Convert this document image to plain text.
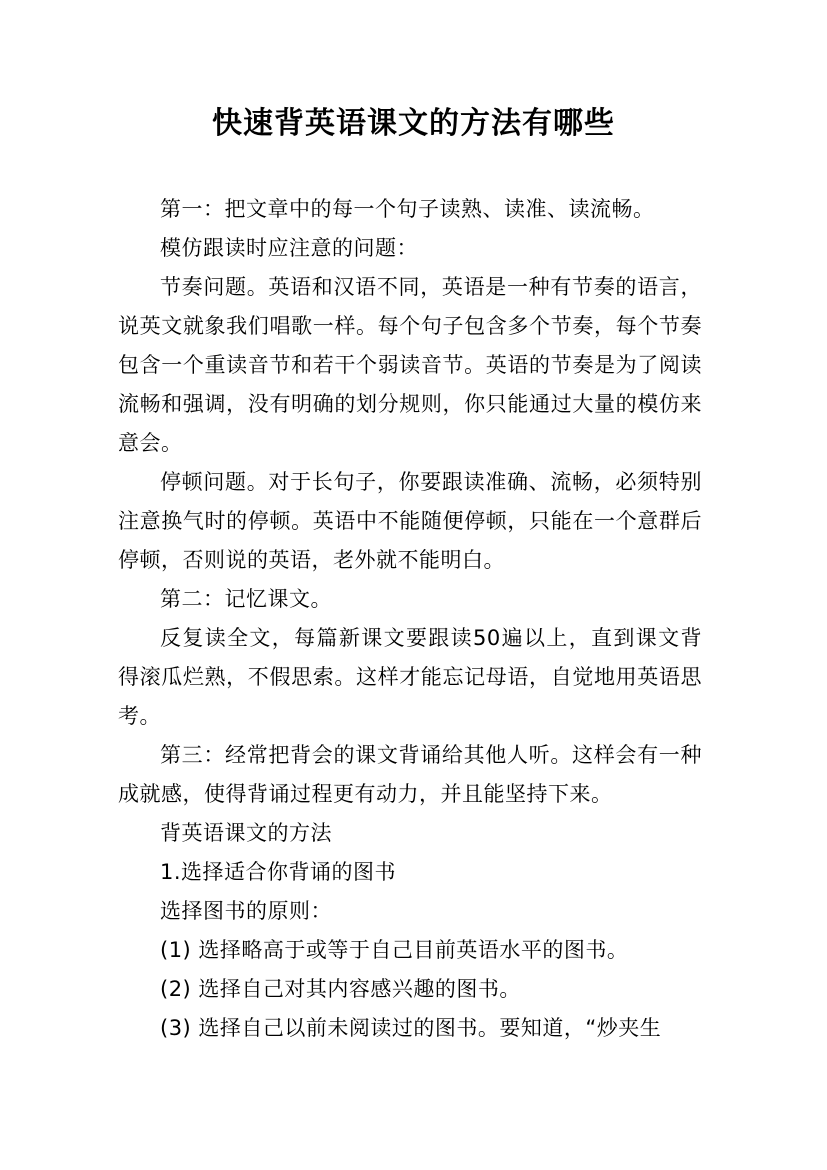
快速背英语课文的方法有哪些

第一：把文章中的每一个句子读熟、读准、读流畅。

模仿跟读时应注意的问题：

节奏问题。英语和汉语不同，英语是一种有节奏的语言，说英文就象我们唱歌一样。每个句子包含多个节奏，每个节奏包含一个重读音节和若干个弱读音节。英语的节奏是为了阅读流畅和强调，没有明确的划分规则，你只能通过大量的模仿来意会。

停顿问题。对于长句子，你要跟读准确、流畅，必须特别注意换气时的停顿。英语中不能随便停顿，只能在一个意群后停顿，否则说的英语，老外就不能明白。

第二：记忆课文。

反复读全文，每篇新课文要跟读50遍以上，直到课文背得滚瓜烂熟，不假思索。这样才能忘记母语，自觉地用英语思考。

第三：经常把背会的课文背诵给其他人听。这样会有一种成就感，使得背诵过程更有动力，并且能坚持下来。

背英语课文的方法

1.选择适合你背诵的图书

选择图书的原则：

(1) 选择略高于或等于自己目前英语水平的图书。

(2) 选择自己对其内容感兴趣的图书。

(3) 选择自己以前未阅读过的图书。要知道，“炒夹生
